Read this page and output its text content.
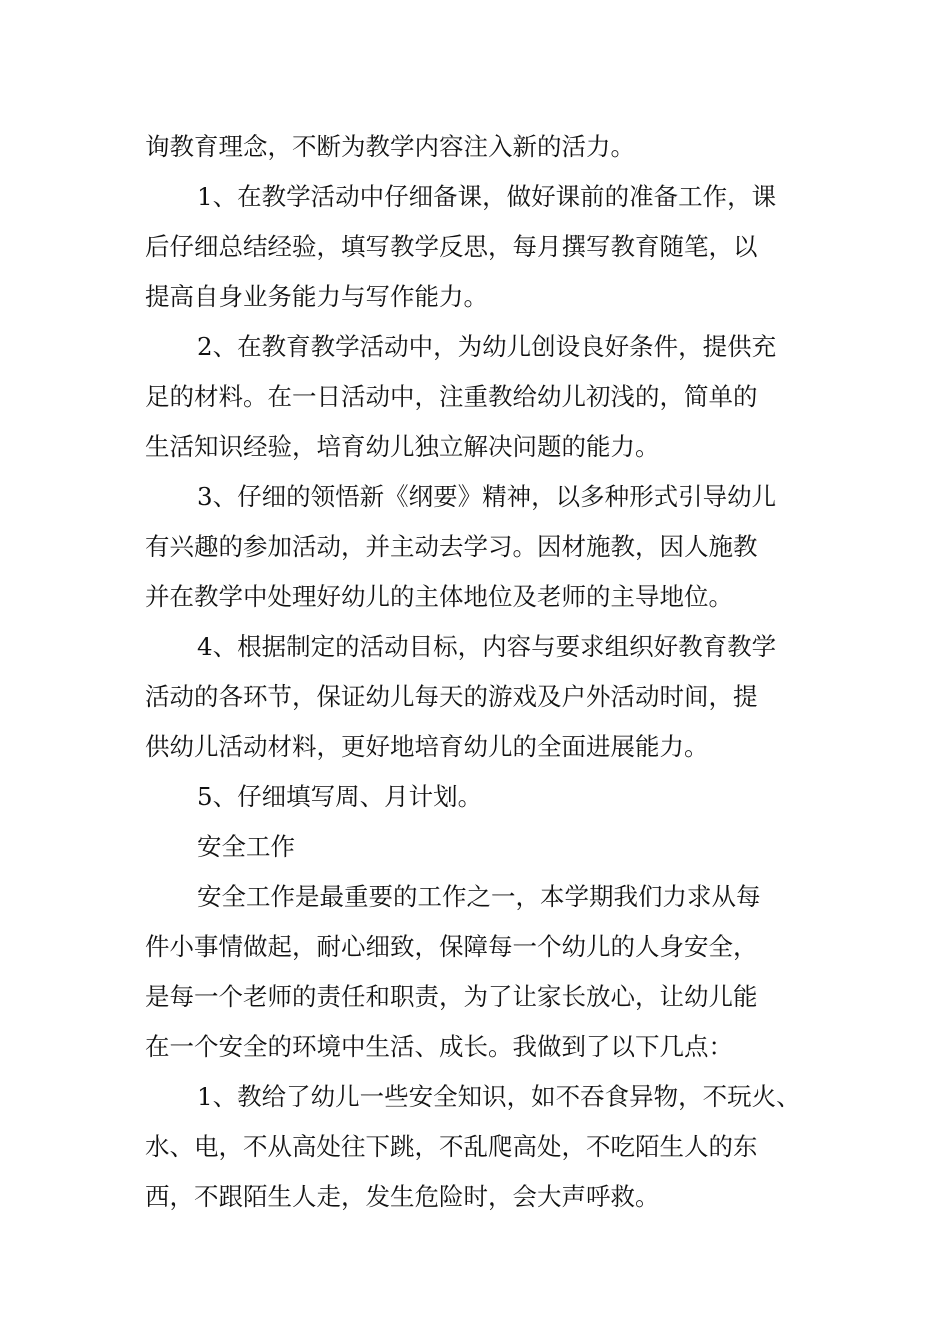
询教育理念，不断为教学内容注入新的活力。

1、在教学活动中仔细备课，做好课前的准备工作，课
后仔细总结经验，填写教学反思，每月撰写教育随笔，以
提高自身业务能力与写作能力。

2、在教育教学活动中，为幼儿创设良好条件，提供充
足的材料。在一日活动中，注重教给幼儿初浅的，简单的
生活知识经验，培育幼儿独立解决问题的能力。

3、仔细的领悟新《纲要》精神，以多种形式引导幼儿
有兴趣的参加活动，并主动去学习。因材施教，因人施教
并在教学中处理好幼儿的主体地位及老师的主导地位。

4、根据制定的活动目标，内容与要求组织好教育教学
活动的各环节，保证幼儿每天的游戏及户外活动时间，提
供幼儿活动材料，更好地培育幼儿的全面进展能力。

5、仔细填写周、月计划。

安全工作

安全工作是最重要的工作之一，本学期我们力求从每
件小事情做起，耐心细致，保障每一个幼儿的人身安全，
是每一个老师的责任和职责，为了让家长放心，让幼儿能
在一个安全的环境中生活、成长。我做到了以下几点：

1、教给了幼儿一些安全知识，如不吞食异物，不玩火、
水、电，不从高处往下跳，不乱爬高处，不吃陌生人的东
西，不跟陌生人走，发生危险时，会大声呼救。
